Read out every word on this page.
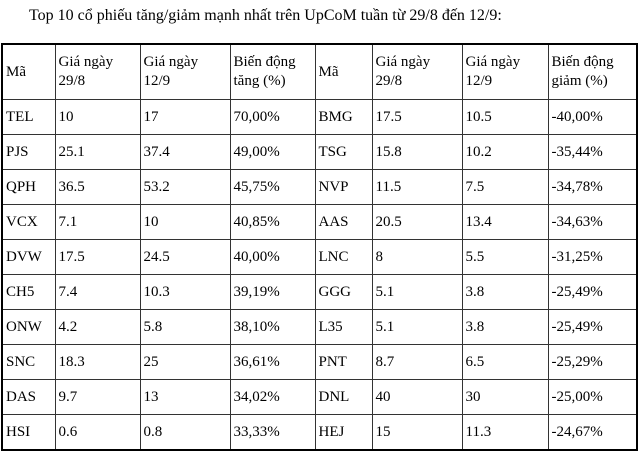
Top 10 cổ phiếu tăng/giảm mạnh nhất trên UpCoM tuần từ 29/8 đến 12/9:
Mã	Giá ngày 29/8	Giá ngày 12/9	Biến động tăng (%)	Mã	Giá ngày 29/8	Giá ngày 12/9	Biến động giảm (%)
TEL	10	17	70,00%	BMG	17.5	10.5	-40,00%
PJS	25.1	37.4	49,00%	TSG	15.8	10.2	-35,44%
QPH	36.5	53.2	45,75%	NVP	11.5	7.5	-34,78%
VCX	7.1	10	40,85%	AAS	20.5	13.4	-34,63%
DVW	17.5	24.5	40,00%	LNC	8	5.5	-31,25%
CH5	7.4	10.3	39,19%	GGG	5.1	3.8	-25,49%
ONW	4.2	5.8	38,10%	L35	5.1	3.8	-25,49%
SNC	18.3	25	36,61%	PNT	8.7	6.5	-25,29%
DAS	9.7	13	34,02%	DNL	40	30	-25,00%
HSI	0.6	0.8	33,33%	HEJ	15	11.3	-24,67%
